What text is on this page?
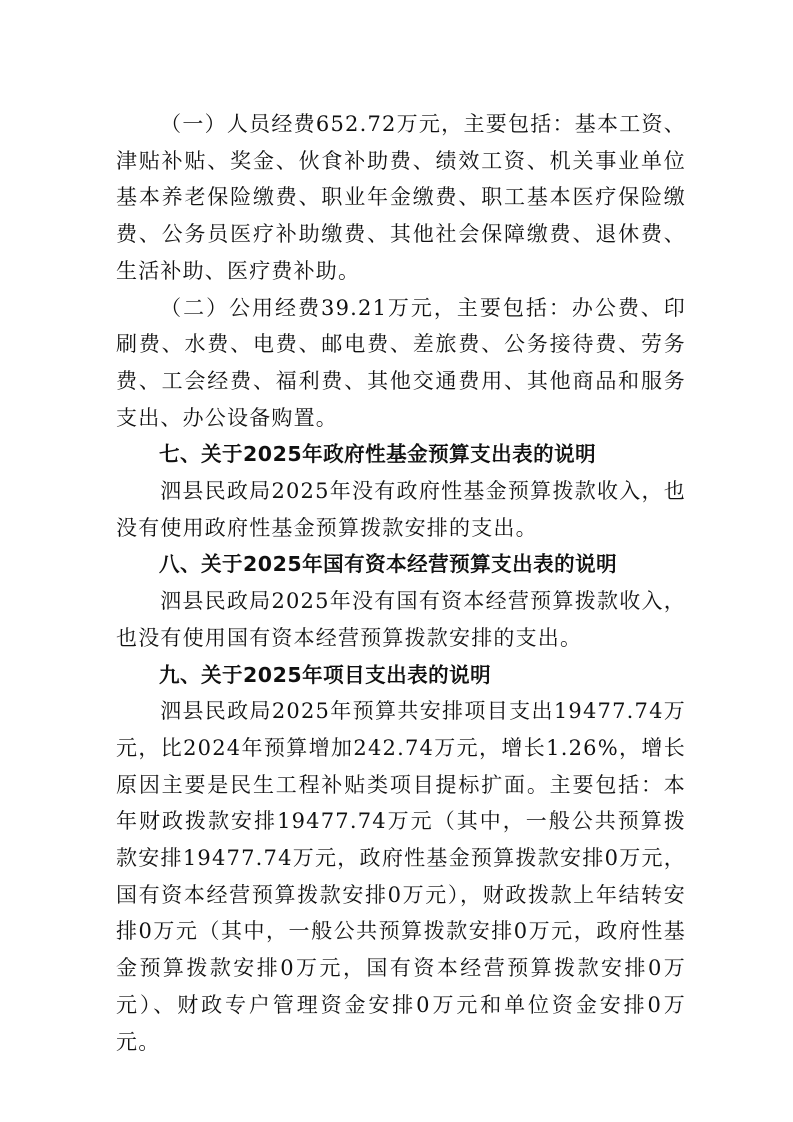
（一）人员经费652.72万元，主要包括：基本工资、津贴补贴、奖金、伙食补助费、绩效工资、机关事业单位基本养老保险缴费、职业年金缴费、职工基本医疗保险缴费、公务员医疗补助缴费、其他社会保障缴费、退休费、生活补助、医疗费补助。

（二）公用经费39.21万元，主要包括：办公费、印刷费、水费、电费、邮电费、差旅费、公务接待费、劳务费、工会经费、福利费、其他交通费用、其他商品和服务支出、办公设备购置。

七、关于2025年政府性基金预算支出表的说明

泗县民政局2025年没有政府性基金预算拨款收入，也没有使用政府性基金预算拨款安排的支出。

八、关于2025年国有资本经营预算支出表的说明

泗县民政局2025年没有国有资本经营预算拨款收入，也没有使用国有资本经营预算拨款安排的支出。

九、关于2025年项目支出表的说明

泗县民政局2025年预算共安排项目支出19477.74万元，比2024年预算增加242.74万元，增长1.26%，增长原因主要是民生工程补贴类项目提标扩面。主要包括：本年财政拨款安排19477.74万元（其中，一般公共预算拨款安排19477.74万元，政府性基金预算拨款安排0万元，国有资本经营预算拨款安排0万元），财政拨款上年结转安排0万元（其中，一般公共预算拨款安排0万元，政府性基金预算拨款安排0万元，国有资本经营预算拨款安排0万元）、财政专户管理资金安排0万元和单位资金安排0万元。
